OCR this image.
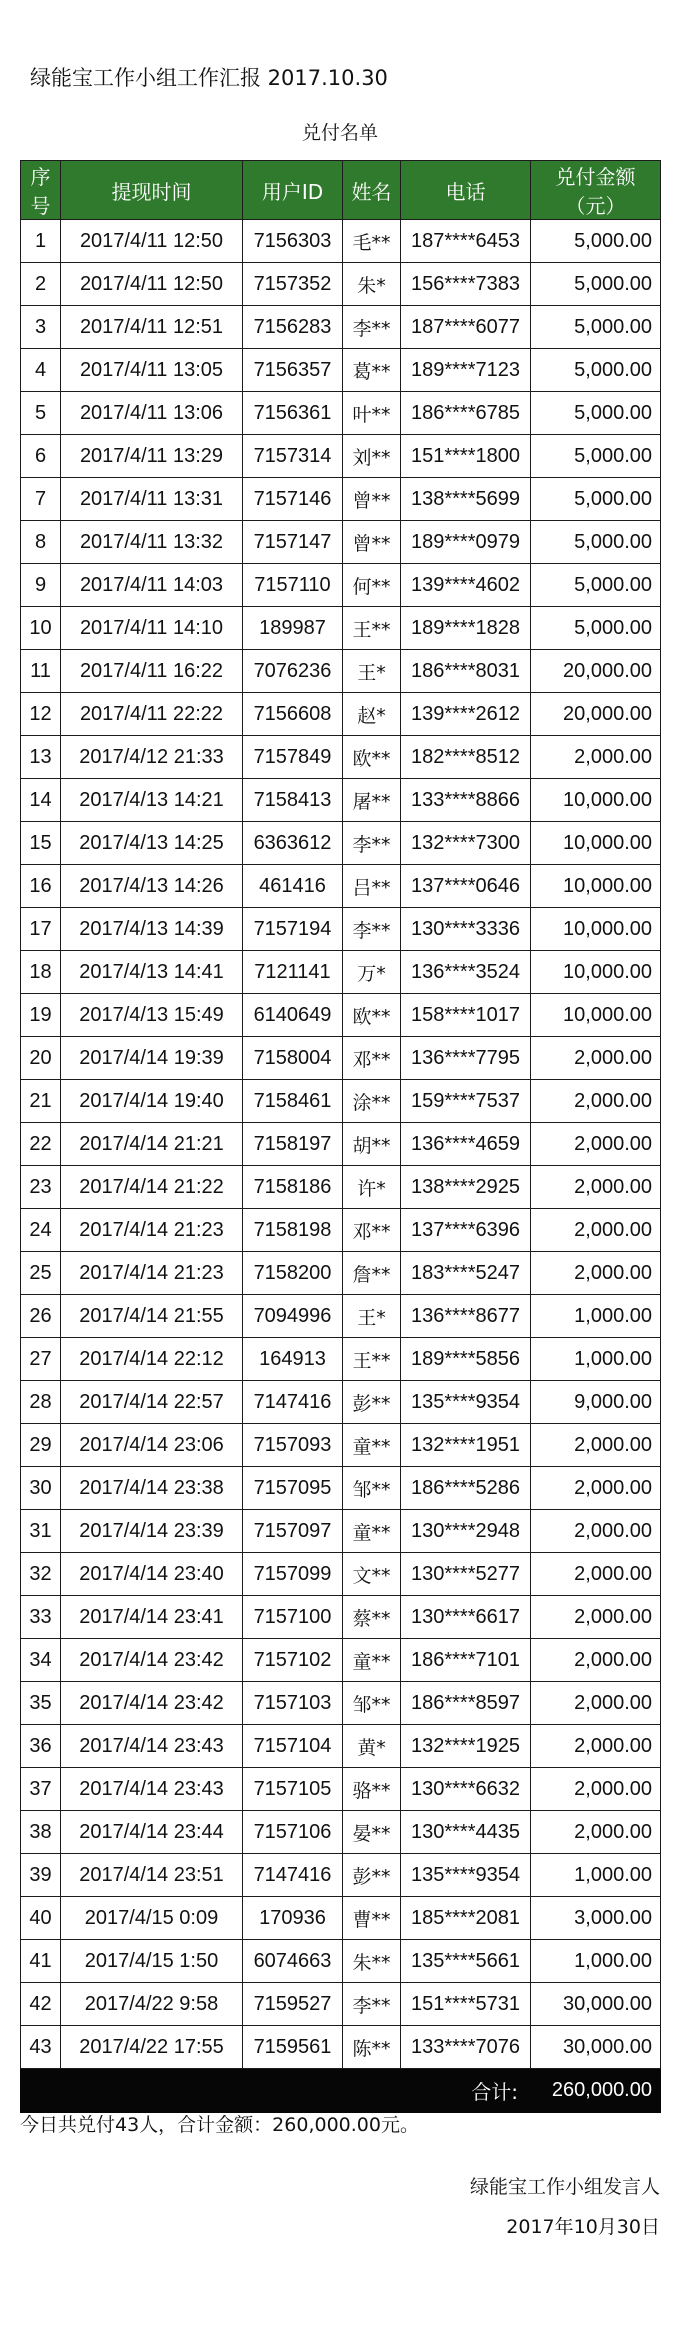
绿能宝工作小组工作汇报 2017.10.30
兑付名单
序号	提现时间	用户ID	姓名	电话	兑付金额（元）
1	2017/4/11 12:50	7156303	毛**	187****6453	5,000.00
2	2017/4/11 12:50	7157352	朱*	156****7383	5,000.00
3	2017/4/11 12:51	7156283	李**	187****6077	5,000.00
4	2017/4/11 13:05	7156357	葛**	189****7123	5,000.00
5	2017/4/11 13:06	7156361	叶**	186****6785	5,000.00
6	2017/4/11 13:29	7157314	刘**	151****1800	5,000.00
7	2017/4/11 13:31	7157146	曾**	138****5699	5,000.00
8	2017/4/11 13:32	7157147	曾**	189****0979	5,000.00
9	2017/4/11 14:03	7157110	何**	139****4602	5,000.00
10	2017/4/11 14:10	189987	王**	189****1828	5,000.00
11	2017/4/11 16:22	7076236	王*	186****8031	20,000.00
12	2017/4/11 22:22	7156608	赵*	139****2612	20,000.00
13	2017/4/12 21:33	7157849	欧**	182****8512	2,000.00
14	2017/4/13 14:21	7158413	屠**	133****8866	10,000.00
15	2017/4/13 14:25	6363612	李**	132****7300	10,000.00
16	2017/4/13 14:26	461416	吕**	137****0646	10,000.00
17	2017/4/13 14:39	7157194	李**	130****3336	10,000.00
18	2017/4/13 14:41	7121141	万*	136****3524	10,000.00
19	2017/4/13 15:49	6140649	欧**	158****1017	10,000.00
20	2017/4/14 19:39	7158004	邓**	136****7795	2,000.00
21	2017/4/14 19:40	7158461	涂**	159****7537	2,000.00
22	2017/4/14 21:21	7158197	胡**	136****4659	2,000.00
23	2017/4/14 21:22	7158186	许*	138****2925	2,000.00
24	2017/4/14 21:23	7158198	邓**	137****6396	2,000.00
25	2017/4/14 21:23	7158200	詹**	183****5247	2,000.00
26	2017/4/14 21:55	7094996	王*	136****8677	1,000.00
27	2017/4/14 22:12	164913	王**	189****5856	1,000.00
28	2017/4/14 22:57	7147416	彭**	135****9354	9,000.00
29	2017/4/14 23:06	7157093	童**	132****1951	2,000.00
30	2017/4/14 23:38	7157095	邹**	186****5286	2,000.00
31	2017/4/14 23:39	7157097	童**	130****2948	2,000.00
32	2017/4/14 23:40	7157099	文**	130****5277	2,000.00
33	2017/4/14 23:41	7157100	蔡**	130****6617	2,000.00
34	2017/4/14 23:42	7157102	童**	186****7101	2,000.00
35	2017/4/14 23:42	7157103	邹**	186****8597	2,000.00
36	2017/4/14 23:43	7157104	黄*	132****1925	2,000.00
37	2017/4/14 23:43	7157105	骆**	130****6632	2,000.00
38	2017/4/14 23:44	7157106	晏**	130****4435	2,000.00
39	2017/4/14 23:51	7147416	彭**	135****9354	1,000.00
40	2017/4/15 0:09	170936	曹**	185****2081	3,000.00
41	2017/4/15 1:50	6074663	朱**	135****5661	1,000.00
42	2017/4/22 9:58	7159527	李**	151****5731	30,000.00
43	2017/4/22 17:55	7159561	陈**	133****7076	30,000.00
合计:					260,000.00
今日共兑付43人，合计金额：260,000.00元。
绿能宝工作小组发言人
2017年10月30日
